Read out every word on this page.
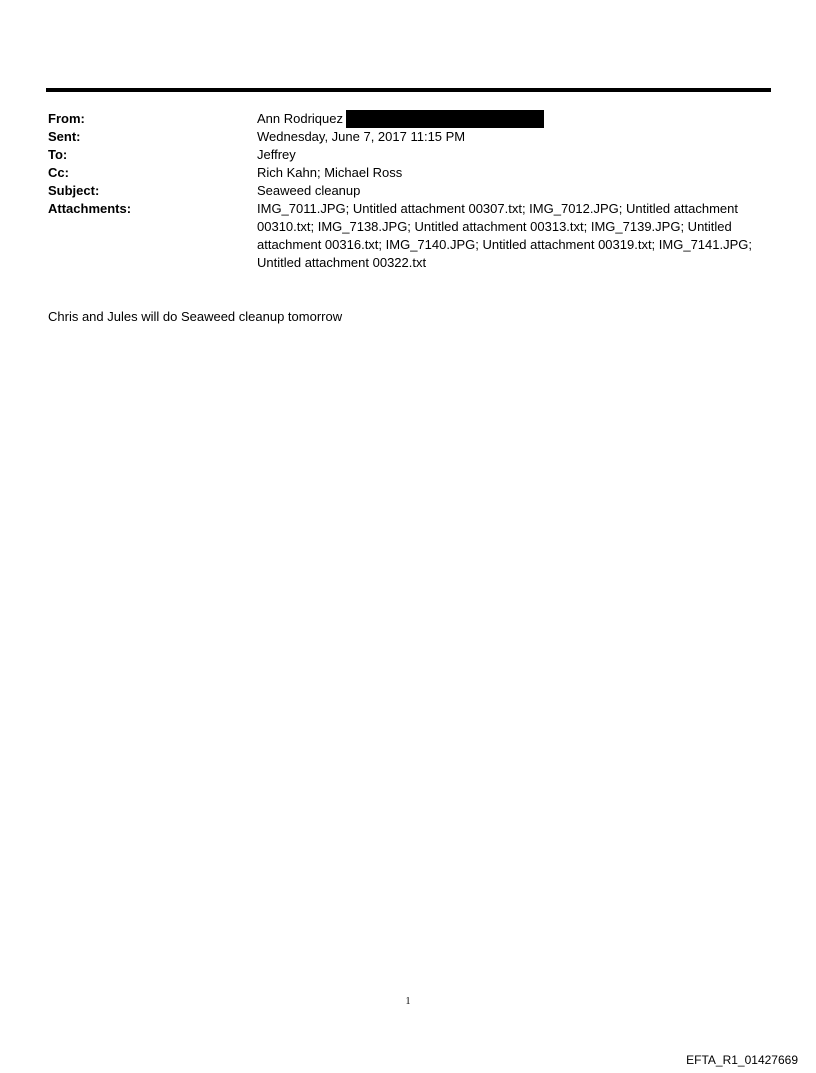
From:	Ann Rodriquez
Sent:	Wednesday, June 7, 2017 11:15 PM
To:	Jeffrey
Cc:	Rich Kahn; Michael Ross
Subject:	Seaweed cleanup
Attachments:	IMG_7011.JPG; Untitled attachment 00307.txt; IMG_7012.JPG; Untitled attachment
00310.txt; IMG_7138.JPG; Untitled attachment 00313.txt; IMG_7139.JPG; Untitled
attachment 00316.txt; IMG_7140.JPG; Untitled attachment 00319.txt; IMG_7141.JPG;
Untitled attachment 00322.txt
Chris and Jules will do Seaweed cleanup tomorrow
1
EFTA_R1_01427669
